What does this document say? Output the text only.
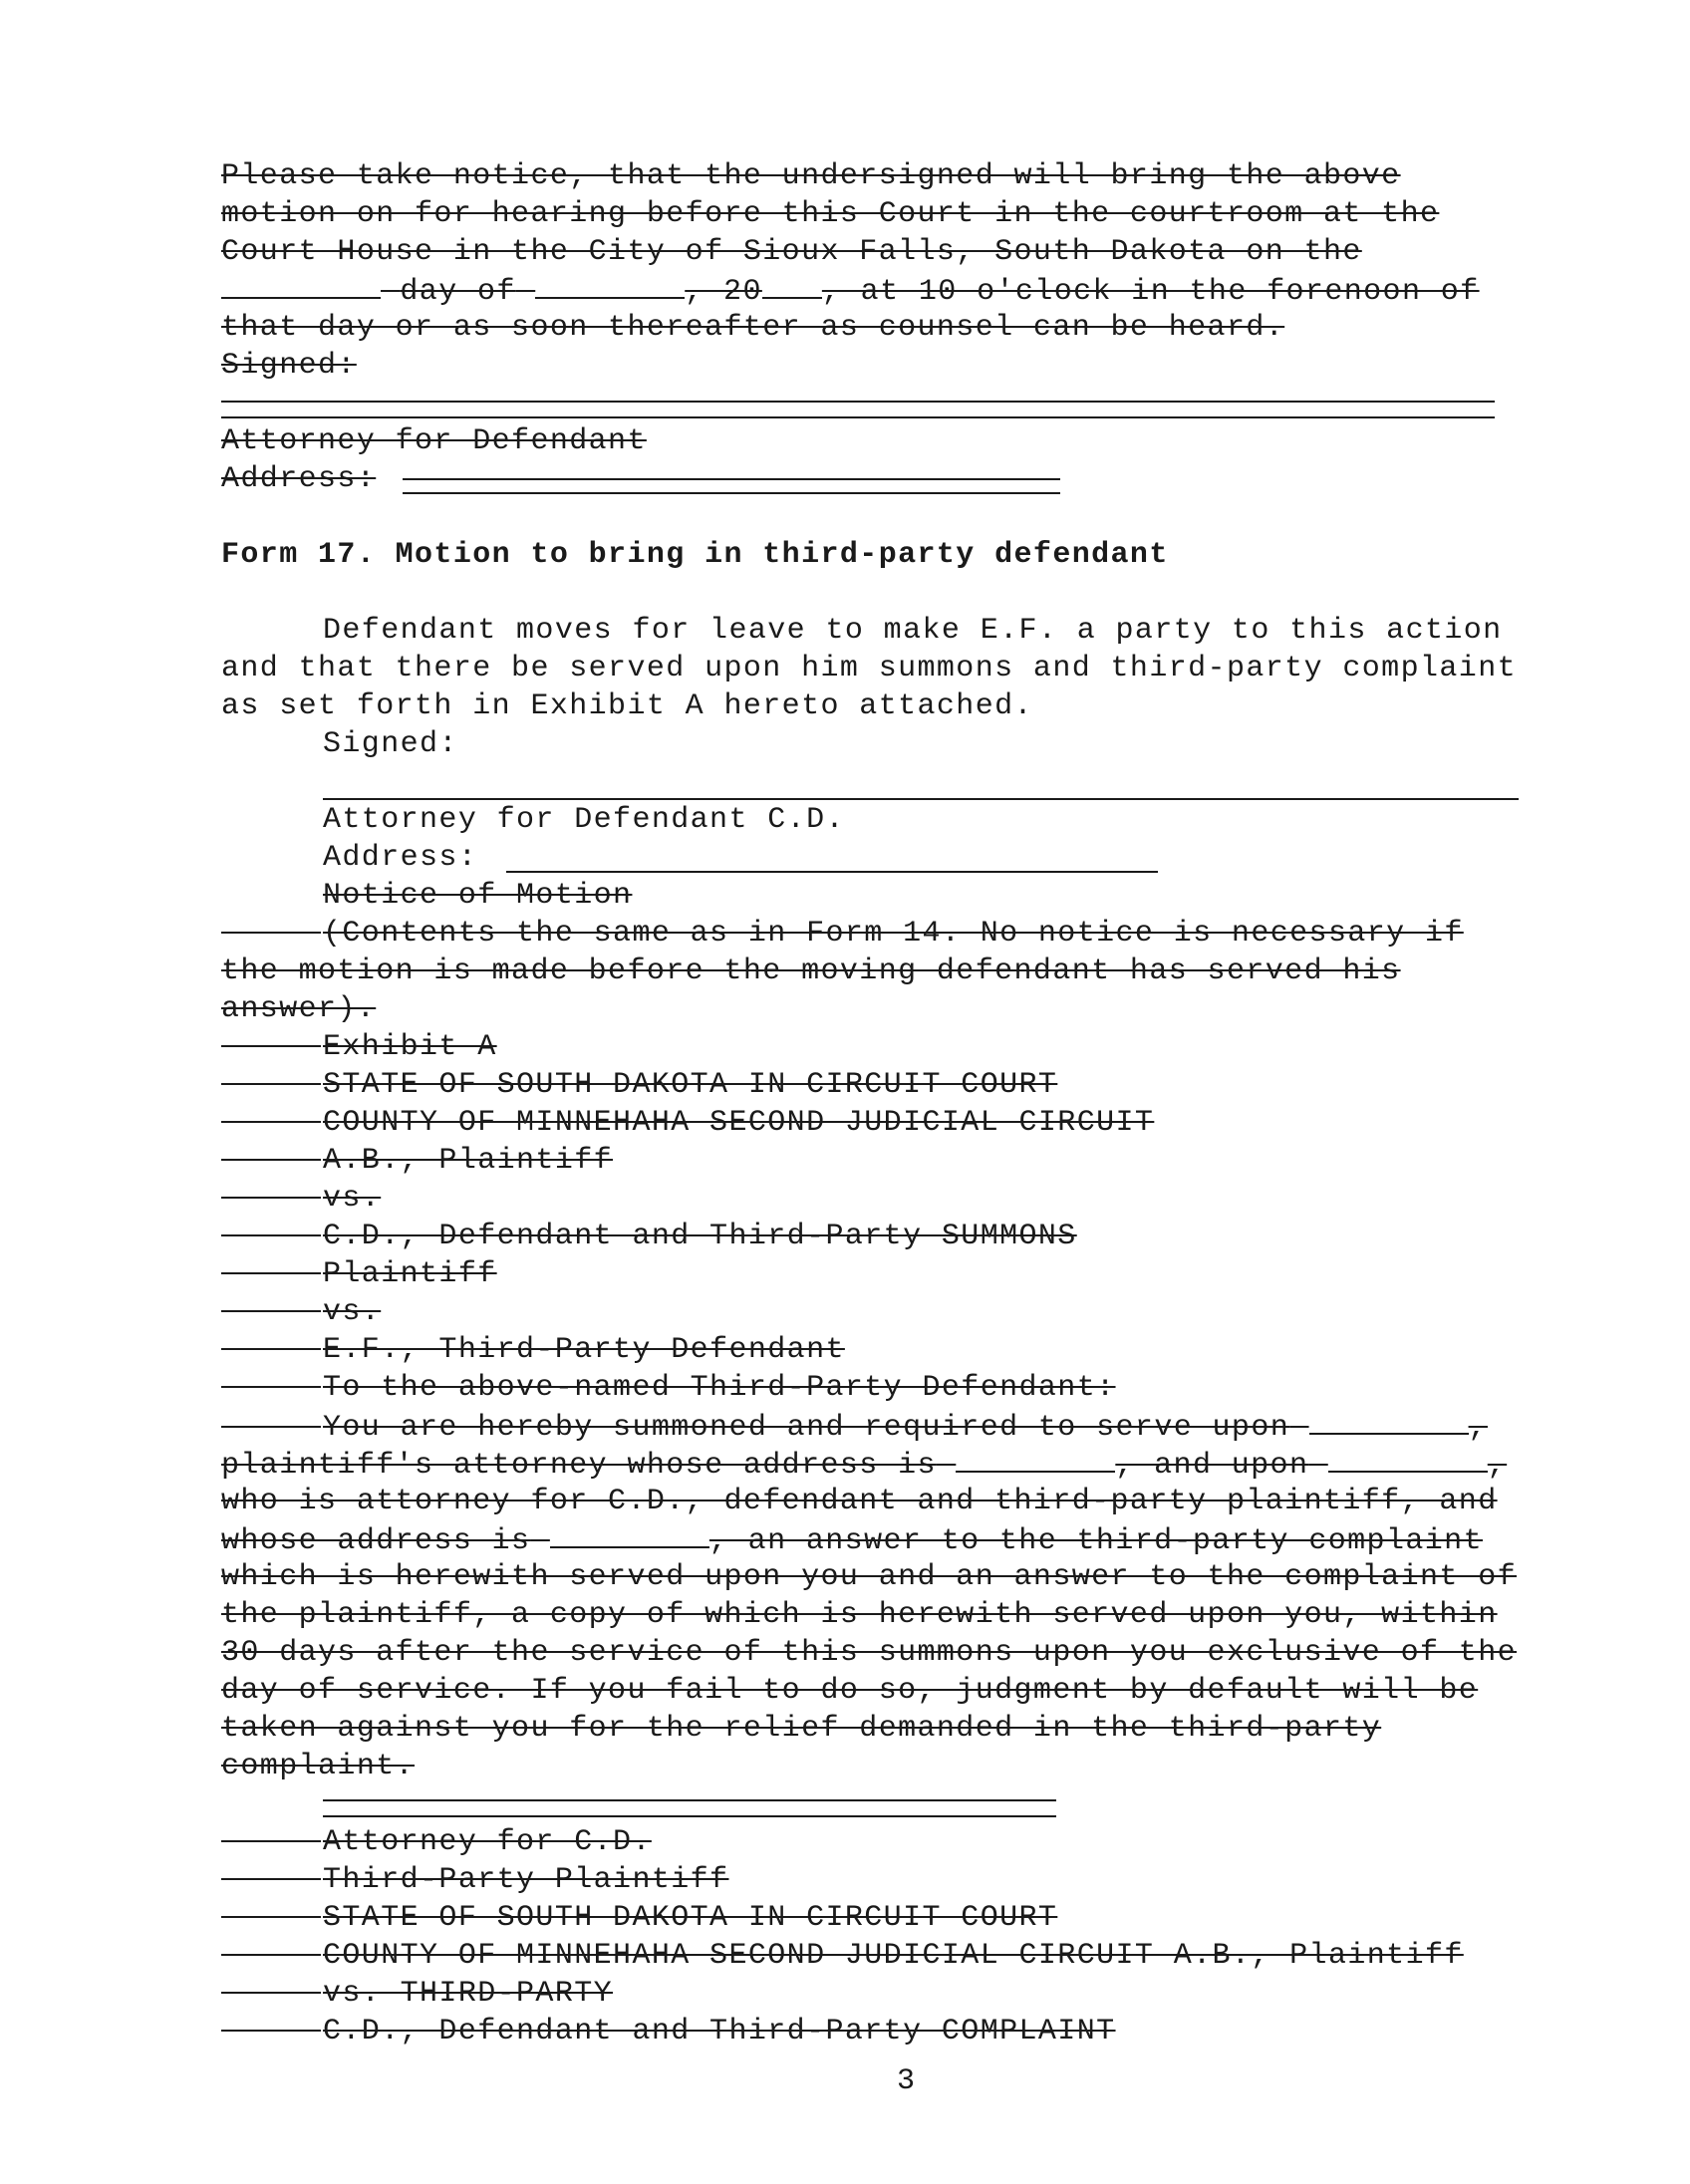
Please take notice, that the undersigned will bring the above
motion on for hearing before this Court in the courtroom at the
Court House in the City of Sioux Falls, South Dakota on the
day of	, 20 , at 10 o'clock in the forenoon of
that day or as soon thereafter as counsel can be heard.
Signed:
Attorney for Defendant
Address:
Form 17. Motion to bring in third-party defendant
Defendant moves for leave to make E.F. a party to this action
and that there be served upon him summons and third-party complaint
as set forth in Exhibit A hereto attached.
Signed:
Attorney for Defendant C.D.
Address:
Notice of Motion
(Contents the same as in Form 14. No notice is necessary if
the motion is made before the moving defendant has served his
answer).
Exhibit A
STATE OF SOUTH DAKOTA IN CIRCUIT COURT
COUNTY OF MINNEHAHA SECOND JUDICIAL CIRCUIT
A.B., Plaintiff
vs.
C.D., Defendant and Third-Party SUMMONS
Plaintiff
vs.
E.F., Third-Party Defendant
To the above-named Third-Party Defendant:
You are hereby summoned and required to serve upon	,
plaintiff's attorney whose address is	, and upon	,
who is attorney for C.D., defendant and third-party plaintiff, and
whose address is	, an answer to the third-party complaint
which is herewith served upon you and an answer to the complaint of
the plaintiff, a copy of which is herewith served upon you, within
30 days after the service of this summons upon you exclusive of the
day of service. If you fail to do so, judgment by default will be
taken against you for the relief demanded in the third-party
complaint.
Attorney for C.D.
Third-Party Plaintiff
STATE OF SOUTH DAKOTA IN CIRCUIT COURT
COUNTY OF MINNEHAHA SECOND JUDICIAL CIRCUIT A.B., Plaintiff
vs. THIRD-PARTY
C.D., Defendant and Third-Party COMPLAINT
3
